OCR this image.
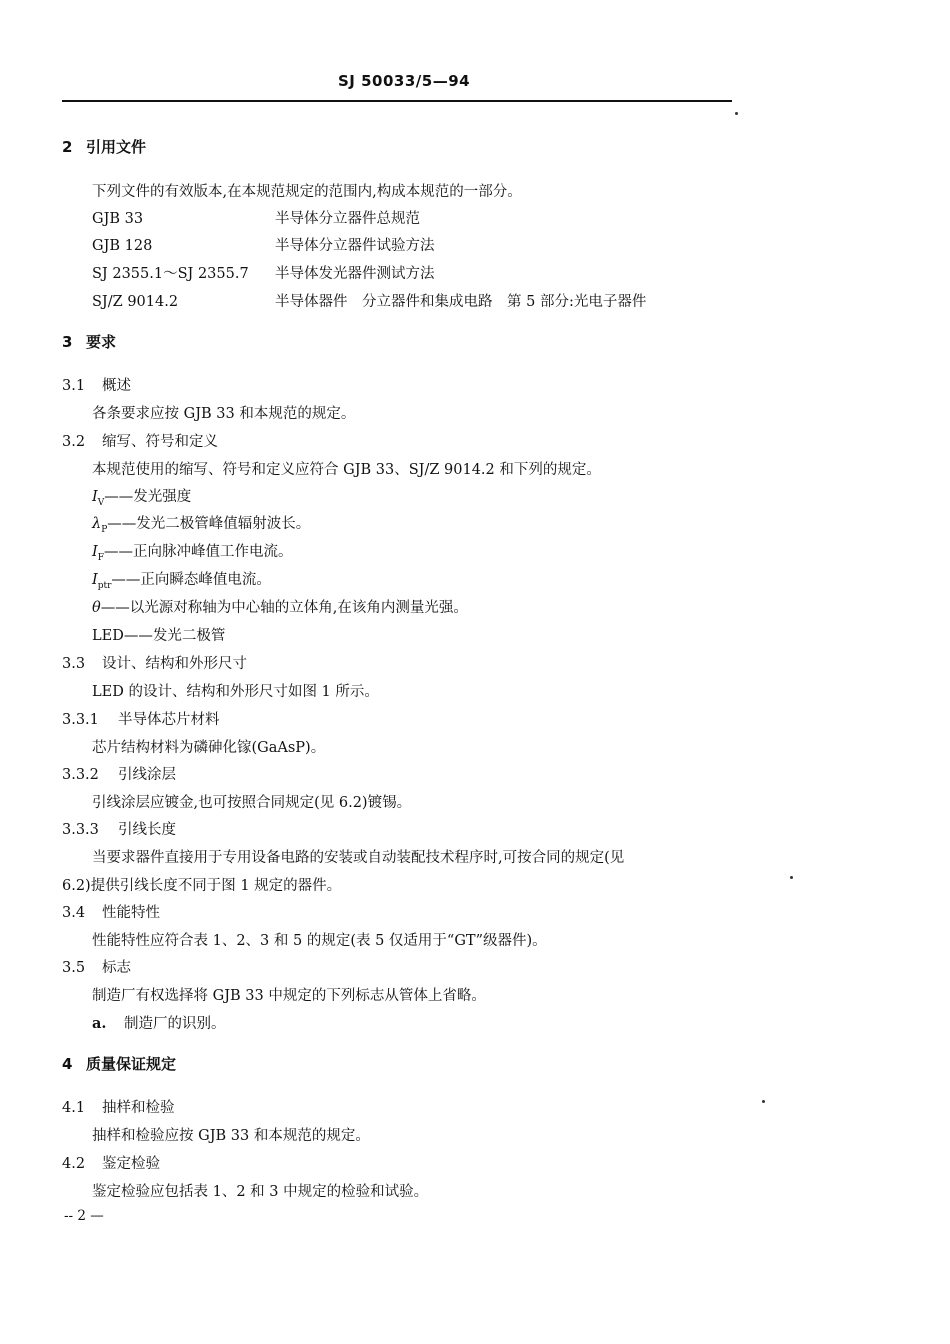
SJ 50033/5—94
2 引用文件
下列文件的有效版本,在本规范规定的范围内,构成本规范的一部分。
GJB 33	半导体分立器件总规范
GJB 128	半导体分立器件试验方法
SJ 2355.1～SJ 2355.7 半导体发光器件测试方法
SJ/Z 9014.2	半导体器件　分立器件和集成电路　第 5 部分:光电子器件
3 要求
3.1 概述
各条要求应按 GJB 33 和本规范的规定。
3.2 缩写、符号和定义
本规范使用的缩写、符号和定义应符合 GJB 33、SJ/Z 9014.2 和下列的规定。
$I_V——$发光强度
$\lambda_P——$发光二极管峰值辐射波长。
$I_F——$正向脉冲峰值工作电流。
$I_{ptr}——$正向瞬态峰值电流。
θ——以光源对称轴为中心轴的立体角,在该角内测量光强。
LED——发光二极管
3.3 设计、结构和外形尺寸
LED 的设计、结构和外形尺寸如图 1 所示。
3.3.1 半导体芯片材料
芯片结构材料为磷砷化镓(GaAsP)。
3.3.2 引线涂层
引线涂层应镀金,也可按照合同规定(见 6.2)镀锡。
3.3.3 引线长度
当要求器件直接用于专用设备电路的安装或自动装配技术程序时,可按合同的规定(见
6.2)提供引线长度不同于图 1 规定的器件。
3.4 性能特性
性能特性应符合表 1、2、3 和 5 的规定(表 5 仅适用于“GT”级器件)。
3.5 标志
制造厂有权选择将 GJB 33 中规定的下列标志从管体上省略。
a. 制造厂的识别。
4 质量保证规定
4.1 抽样和检验
抽样和检验应按 GJB 33 和本规范的规定。
4.2 鉴定检验
鉴定检验应包括表 1、2 和 3 中规定的检验和试验。
-- 2 —
